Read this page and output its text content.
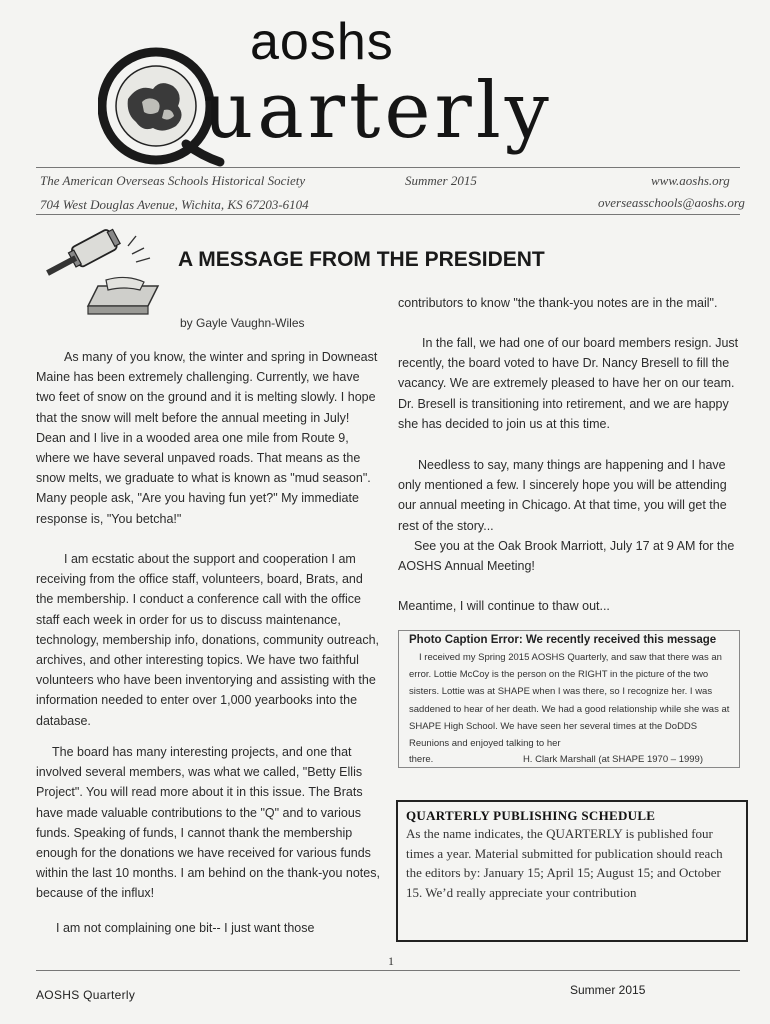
aoshs
uarterly
The American Overseas Schools Historical Society	Summer 2015	www.aoshs.org
704 West Douglas Avenue, Wichita, KS 67203-6104	overseasschools@aoshs.org
A MESSAGE FROM THE PRESIDENT
by Gayle Vaughn-Wiles
As many of you know, the winter and spring in Downeast Maine has been extremely challenging. Currently, we have two feet of snow on the ground and it is melting slowly. I hope that the snow will melt before the annual meeting in July! Dean and I live in a wooded area one mile from Route 9, where we have several unpaved roads. That means as the snow melts, we graduate to what is known as "mud season". Many people ask, "Are you having fun yet?" My immediate response is, "You betcha!"
I am ecstatic about the support and cooperation I am receiving from the office staff, volunteers, board, Brats, and the membership. I conduct a conference call with the office staff each week in order for us to discuss maintenance, technology, membership info, donations, community outreach, archives, and other interesting topics. We have two faithful volunteers who have been inventorying and assisting with the information needed to enter over 1,000 yearbooks into the database.
The board has many interesting projects, and one that involved several members, was what we called, "Betty Ellis Project". You will read more about it in this issue. The Brats have made valuable contributions to the "Q" and to various funds. Speaking of funds, I cannot thank the membership enough for the donations we have received for various funds within the last 10 months. I am behind on the thank-you notes, because of the influx!
I am not complaining one bit-- I just want those
contributors to know "the thank-you notes are in the mail".
In the fall, we had one of our board members resign. Just recently, the board voted to have Dr. Nancy Bresell to fill the vacancy. We are extremely pleased to have her on our team. Dr. Bresell is transitioning into retirement, and we are happy she has decided to join us at this time.
Needless to say, many things are happening and I have only mentioned a few. I sincerely hope you will be attending our annual meeting in Chicago. At that time, you will get the rest of the story...
See you at the Oak Brook Marriott, July 17 at 9 AM for the AOSHS Annual Meeting!
Meantime, I will continue to thaw out...
Photo Caption Error: We recently received this message
I received my Spring 2015 AOSHS Quarterly, and saw that there was an error. Lottie McCoy is the person on the RIGHT in the picture of the two sisters. Lottie was at SHAPE when I was there, so I recognize her. I was saddened to hear of her death. We had a good relationship while she was at SHAPE High School. We have seen her several times at the DoDDS Reunions and enjoyed talking to her
there.	H. Clark Marshall (at SHAPE 1970 – 1999)
QUARTERLY PUBLISHING SCHEDULE
As the name indicates, the QUARTERLY is published four times a year. Material submitted for publication should reach the editors by: January 15; April 15; August 15; and October 15. We’d really appreciate your contribution
1
AOSHS Quarterly	Summer 2015
